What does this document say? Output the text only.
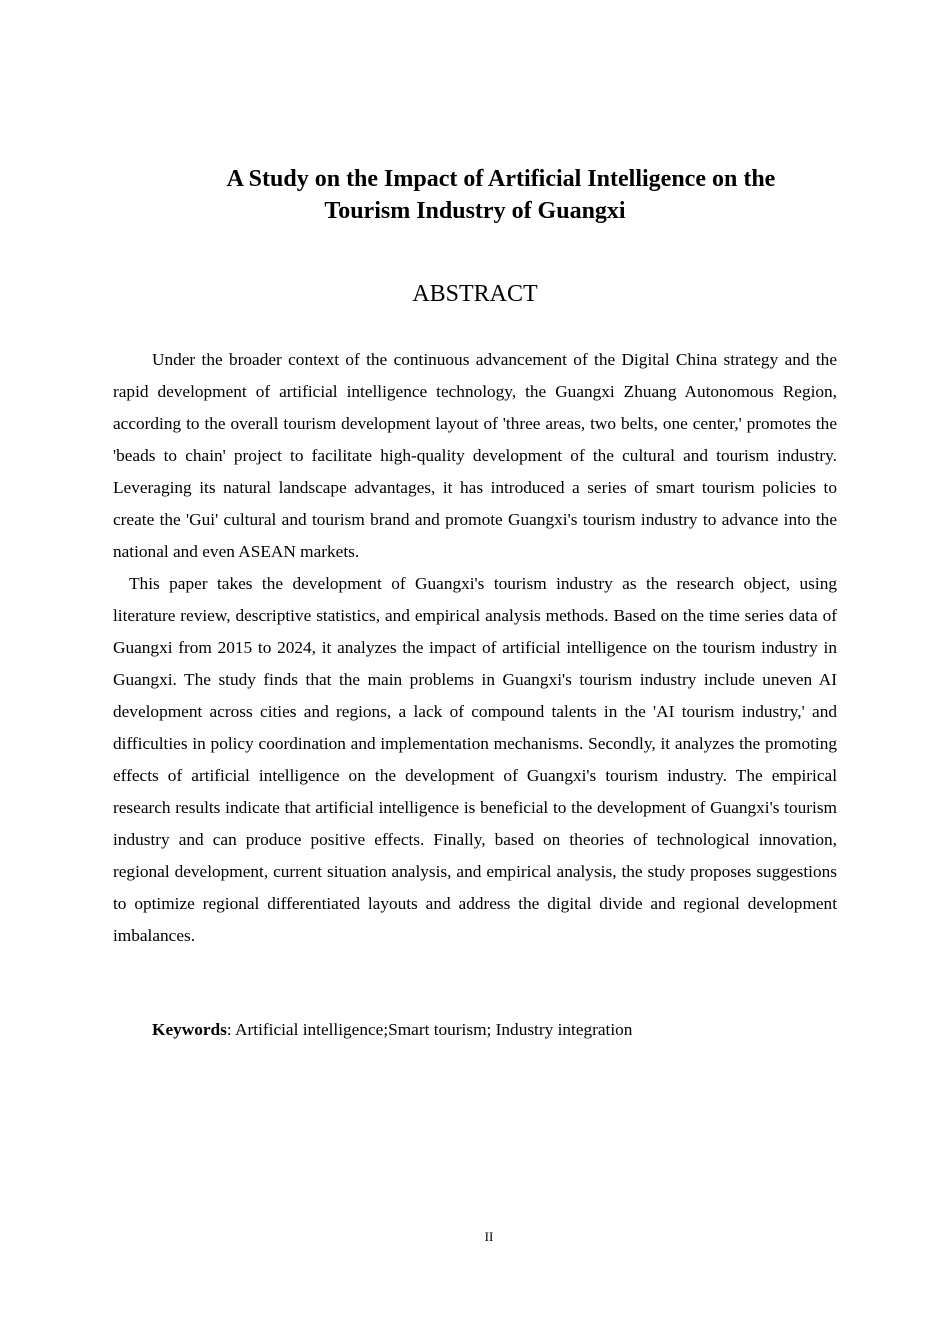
A Study on the Impact of Artificial Intelligence on the
Tourism Industry of Guangxi
ABSTRACT

Under the broader context of the continuous advancement of the Digital China strategy and the rapid development of artificial intelligence technology, the Guangxi Zhuang Autonomous Region, according to the overall tourism development layout of 'three areas, two belts, one center,' promotes the 'beads to chain' project to facilitate high-quality development of the cultural and tourism industry. Leveraging its natural landscape advantages, it has introduced a series of smart tourism policies to create the 'Gui' cultural and tourism brand and promote Guangxi's tourism industry to advance into the national and even ASEAN markets.

This paper takes the development of Guangxi's tourism industry as the research object, using literature review, descriptive statistics, and empirical analysis methods. Based on the time series data of Guangxi from 2015 to 2024, it analyzes the impact of artificial intelligence on the tourism industry in Guangxi. The study finds that the main problems in Guangxi's tourism industry include uneven AI development across cities and regions, a lack of compound talents in the 'AI tourism industry,' and difficulties in policy coordination and implementation mechanisms. Secondly, it analyzes the promoting effects of artificial intelligence on the development of Guangxi's tourism industry. The empirical research results indicate that artificial intelligence is beneficial to the development of Guangxi's tourism industry and can produce positive effects. Finally, based on theories of technological innovation, regional development, current situation analysis, and empirical analysis, the study proposes suggestions to optimize regional differentiated layouts and address the digital divide and regional development imbalances.

Keywords: Artificial intelligence;Smart tourism; Industry integration
II
